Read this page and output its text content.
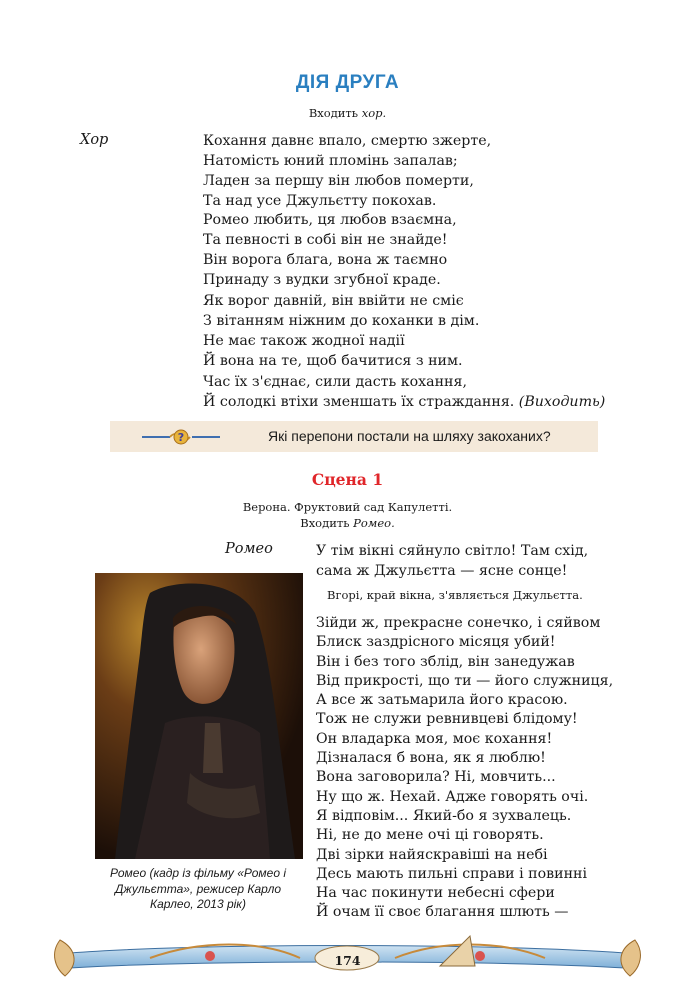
ДІЯ ДРУГА
Входить хор.
Хор	Кохання давнє впало, смертю зжерте,
Натомість юний пломінь запалав;
Ладен за першу він любов померти,
Та над усе Джульєтту покохав.
Ромео любить, ця любов взаємна,
Та певності в собі він не знайде!
Він ворога блага, вона ж таємно
Принаду з вудки згубної краде.
Як ворог давній, він ввійти не сміє
З вітанням ніжним до коханки в дім.
Не має також жодної надії
Й вона на те, щоб бачитися з ним.
Час їх з'єднає, сили дасть кохання,
Й солодкі втіхи зменшать їх страждання. (Виходить)
?	Які перепони постали на шляху закоханих?
Сцена 1
Верона. Фруктовий сад Капулетті.
Входить Ромео.
Ромео	У тім вікні сяйнуло світло! Там схід,
сама ж Джульєтта — ясне сонце!
Вгорі, край вікна, з'являється Джульєтта.
Зійди ж, прекрасне сонечко, і сяйвом
Блиск заздрісного місяця убий!
Він і без того зблід, він занедужав
Від прикрості, що ти — його служниця,
А все ж затьмарила його красою.
Тож не служи ревнивцеві блідому!
Он владарка моя, моє кохання!
Дізналася б вона, як я люблю!
Вона заговорила? Ні, мовчить...
Ну що ж. Нехай. Адже говорять очі.
Я відповім... Який-бо я зухвалець.
Ні, не до мене очі ці говорять.
Дві зірки найяскравіші на небі
Десь мають пильні справи і повинні
На час покинути небесні сфери
Й очам її своє благання шлють —
Ромео (кадр із фільму «Ромео і
Джульєтта», режисер Карло
Карлео, 2013 рік)
174
